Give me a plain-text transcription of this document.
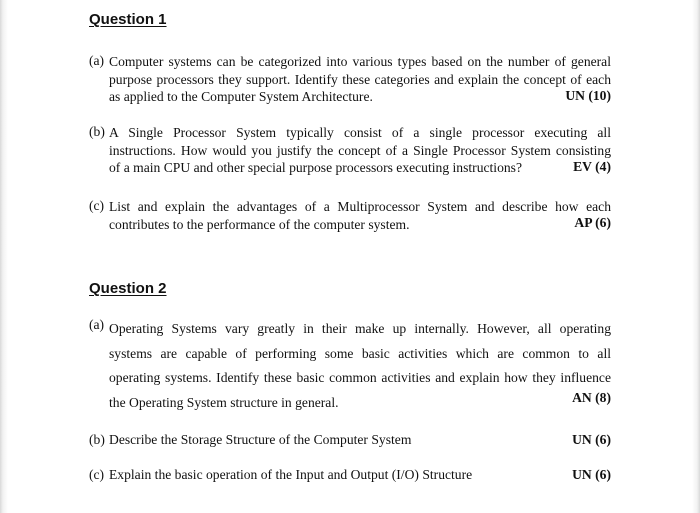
Question 1
(a) Computer systems can be categorized into various types based on the number of general
purpose processors they support. Identify these categories and explain the concept of each
as applied to the Computer System Architecture.	UN (10)
(b) A Single Processor System typically consist of a single processor executing all
instructions. How would you justify the concept of a Single Processor System consisting
of a main CPU and other special purpose processors executing instructions?	EV (4)
(c) List and explain the advantages of a Multiprocessor System and describe how each
contributes to the performance of the computer system.	AP (6)
Question 2
(a) Operating Systems vary greatly in their make up internally. However, all operating
systems are capable of performing some basic activities which are common to all
operating systems. Identify these basic common activities and explain how they influence
the Operating System structure in general.	AN (8)
(b) Describe the Storage Structure of the Computer System	UN (6)
(c) Explain the basic operation of the Input and Output (I/O) Structure	UN (6)
